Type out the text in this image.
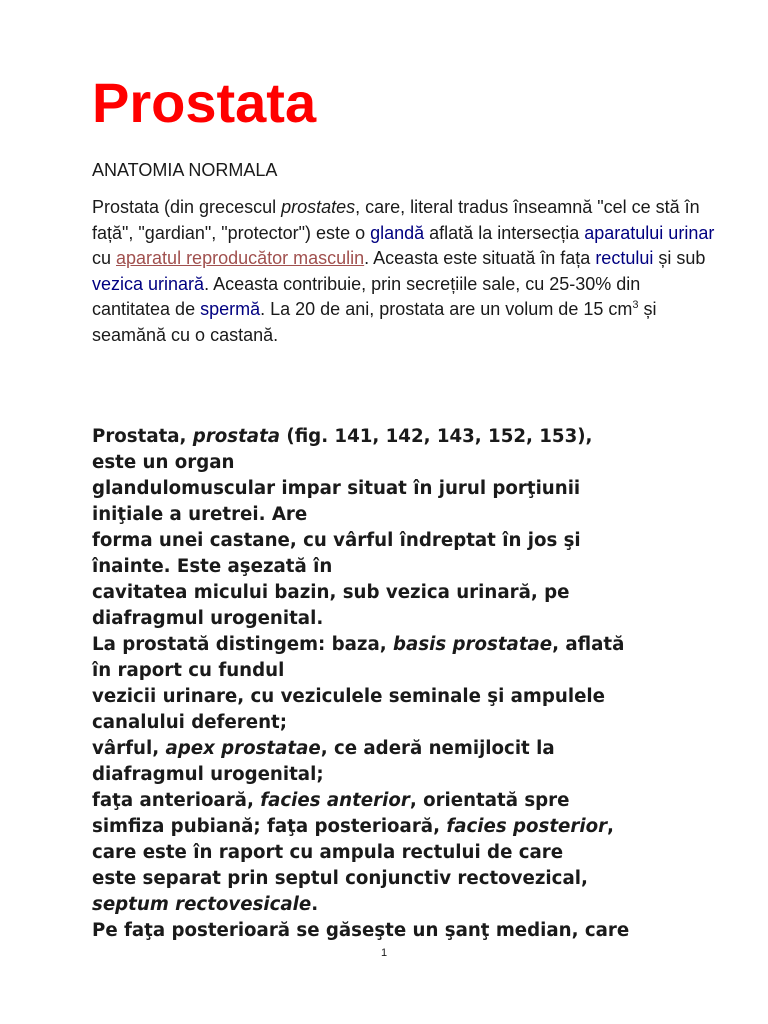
Prostata
ANATOMIA NORMALA

Prostata (din grecescul prostates, care, literal tradus înseamnă "cel ce stă în față", "gardian", "protector") este o glandă aflată la intersecția aparatului urinar cu aparatul reproducător masculin. Aceasta este situată în fața rectului și sub vezica urinară. Aceasta contribuie, prin secrețiile sale, cu 25-30% din cantitatea de spermă. La 20 de ani, prostata are un volum de 15 $cm^3$ și seamănă cu o castană.

Prostata, prostata (fig. 141, 142, 143, 152, 153),
este un organ
glandulomuscular impar situat în jurul porţiunii
iniţiale a uretrei. Are
forma unei castane, cu vârful îndreptat în jos şi
înainte. Este aşezată în
cavitatea micului bazin, sub vezica urinară, pe
diafragmul urogenital.
La prostată distingem: baza, basis prostatae, aflată
în raport cu fundul
vezicii urinare, cu veziculele seminale şi ampulele
canalului deferent;
vârful, apex prostatae, ce aderă nemijlocit la
diafragmul urogenital;
faţa anterioară, facies anterior, orientată spre
simfiza pubiană; faţa posterioară, facies posterior,
care este în raport cu ampula rectului de care
este separat prin septul conjunctiv rectovezical,
septum rectovesicale.
Pe faţa posterioară se găseşte un şanţ median, care

1
